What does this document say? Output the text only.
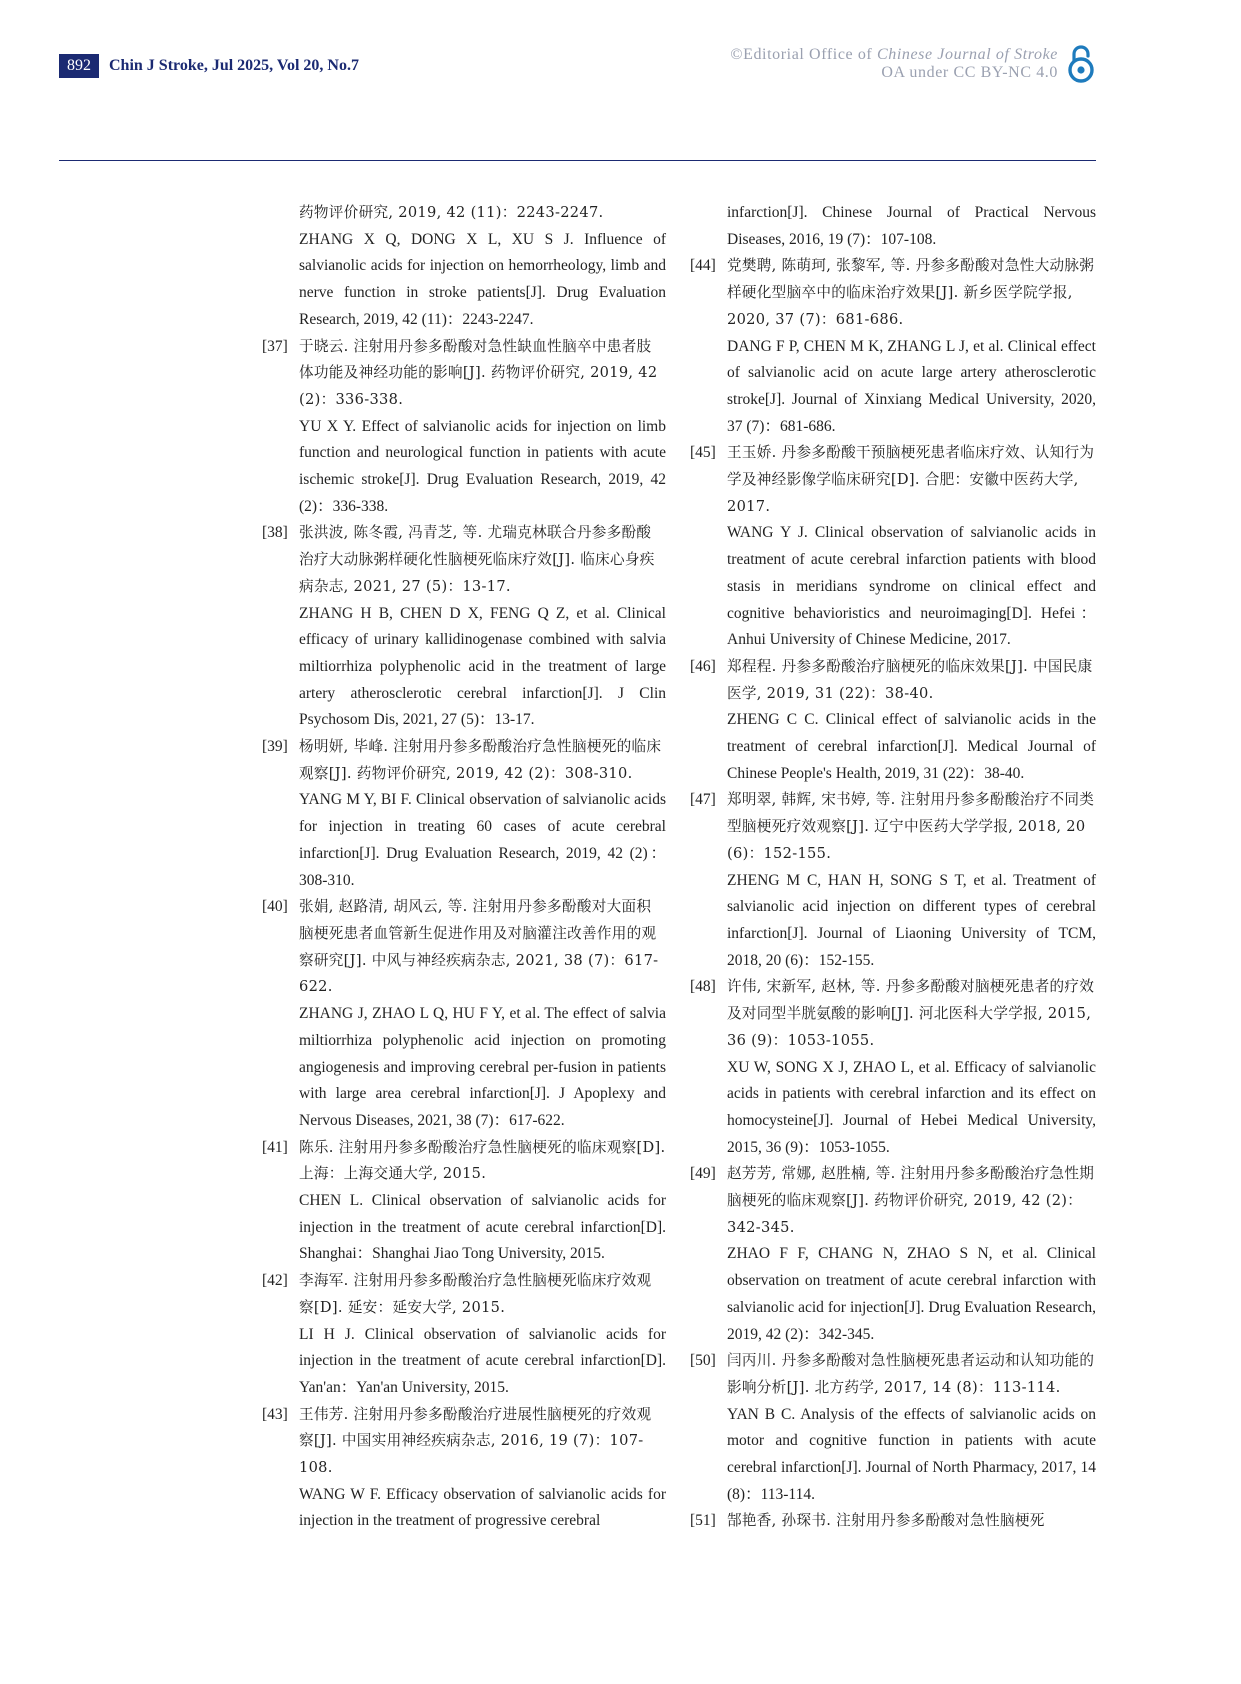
892	Chin J Stroke, Jul 2025, Vol 20, No.7
©Editorial Office of Chinese Journal of Stroke
OA under CC BY-NC 4.0
药物评价研究, 2019, 42 (11)：2243-2247.
ZHANG X Q, DONG X L, XU S J. Influence of salvianolic acids for injection on hemorrheology, limb and nerve function in stroke patients[J]. Drug Evaluation Research, 2019, 42 (11)：2243-2247.
[37] 于晓云. 注射用丹参多酚酸对急性缺血性脑卒中患者肢体功能及神经功能的影响[J]. 药物评价研究, 2019, 42 (2)：336-338.
YU X Y. Effect of salvianolic acids for injection on limb function and neurological function in patients with acute ischemic stroke[J]. Drug Evaluation Research, 2019, 42 (2)：336-338.
[38] 张洪波, 陈冬霞, 冯青芝, 等. 尤瑞克林联合丹参多酚酸治疗大动脉粥样硬化性脑梗死临床疗效[J]. 临床心身疾病杂志, 2021, 27 (5)：13-17.
ZHANG H B, CHEN D X, FENG Q Z, et al. Clinical efficacy of urinary kallidinogenase combined with salvia miltiorrhiza polyphenolic acid in the treatment of large artery atherosclerotic cerebral infarction[J]. J Clin Psychosom Dis, 2021, 27 (5)：13-17.
[39] 杨明妍, 毕峰. 注射用丹参多酚酸治疗急性脑梗死的临床观察[J]. 药物评价研究, 2019, 42 (2)：308-310.
YANG M Y, BI F. Clinical observation of salvianolic acids for injection in treating 60 cases of acute cerebral infarction[J]. Drug Evaluation Research, 2019, 42 (2)：308-310.
[40] 张娟, 赵路清, 胡风云, 等. 注射用丹参多酚酸对大面积脑梗死患者血管新生促进作用及对脑灌注改善作用的观察研究[J]. 中风与神经疾病杂志, 2021, 38 (7)：617-622.
ZHANG J, ZHAO L Q, HU F Y, et al. The effect of salvia miltiorrhiza polyphenolic acid injection on promoting angiogenesis and improving cerebral per-fusion in patients with large area cerebral infarction[J]. J Apoplexy and Nervous Diseases, 2021, 38 (7)：617-622.
[41] 陈乐. 注射用丹参多酚酸治疗急性脑梗死的临床观察[D]. 上海：上海交通大学, 2015.
CHEN L. Clinical observation of salvianolic acids for injection in the treatment of acute cerebral infarction[D]. Shanghai：Shanghai Jiao Tong University, 2015.
[42] 李海军. 注射用丹参多酚酸治疗急性脑梗死临床疗效观察[D]. 延安：延安大学, 2015.
LI H J. Clinical observation of salvianolic acids for injection in the treatment of acute cerebral infarction[D]. Yan'an：Yan'an University, 2015.
[43] 王伟芳. 注射用丹参多酚酸治疗进展性脑梗死的疗效观察[J]. 中国实用神经疾病杂志, 2016, 19 (7)：107-108.
WANG W F. Efficacy observation of salvianolic acids for injection in the treatment of progressive cerebral
infarction[J]. Chinese Journal of Practical Nervous Diseases, 2016, 19 (7)：107-108.
[44] 党樊聘, 陈萌珂, 张黎军, 等. 丹参多酚酸对急性大动脉粥样硬化型脑卒中的临床治疗效果[J]. 新乡医学院学报, 2020, 37 (7)：681-686.
DANG F P, CHEN M K, ZHANG L J, et al. Clinical effect of salvianolic acid on acute large artery atherosclerotic stroke[J]. Journal of Xinxiang Medical University, 2020, 37 (7)：681-686.
[45] 王玉娇. 丹参多酚酸干预脑梗死患者临床疗效、认知行为学及神经影像学临床研究[D]. 合肥：安徽中医药大学, 2017.
WANG Y J. Clinical observation of salvianolic acids in treatment of acute cerebral infarction patients with blood stasis in meridians syndrome on clinical effect and cognitive behavioristics and neuroimaging[D]. Hefei：Anhui University of Chinese Medicine, 2017.
[46] 郑程程. 丹参多酚酸治疗脑梗死的临床效果[J]. 中国民康医学, 2019, 31 (22)：38-40.
ZHENG C C. Clinical effect of salvianolic acids in the treatment of cerebral infarction[J]. Medical Journal of Chinese People's Health, 2019, 31 (22)：38-40.
[47] 郑明翠, 韩辉, 宋书婷, 等. 注射用丹参多酚酸治疗不同类型脑梗死疗效观察[J]. 辽宁中医药大学学报, 2018, 20 (6)：152-155.
ZHENG M C, HAN H, SONG S T, et al. Treatment of salvianolic acid injection on different types of cerebral infarction[J]. Journal of Liaoning University of TCM, 2018, 20 (6)：152-155.
[48] 许伟, 宋新军, 赵林, 等. 丹参多酚酸对脑梗死患者的疗效及对同型半胱氨酸的影响[J]. 河北医科大学学报, 2015, 36 (9)：1053-1055.
XU W, SONG X J, ZHAO L, et al. Efficacy of salvianolic acids in patients with cerebral infarction and its effect on homocysteine[J]. Journal of Hebei Medical University, 2015, 36 (9)：1053-1055.
[49] 赵芳芳, 常娜, 赵胜楠, 等. 注射用丹参多酚酸治疗急性期脑梗死的临床观察[J]. 药物评价研究, 2019, 42 (2)：342-345.
ZHAO F F, CHANG N, ZHAO S N, et al. Clinical observation on treatment of acute cerebral infarction with salvianolic acid for injection[J]. Drug Evaluation Research, 2019, 42 (2)：342-345.
[50] 闫丙川. 丹参多酚酸对急性脑梗死患者运动和认知功能的影响分析[J]. 北方药学, 2017, 14 (8)：113-114.
YAN B C. Analysis of the effects of salvianolic acids on motor and cognitive function in patients with acute cerebral infarction[J]. Journal of North Pharmacy, 2017, 14 (8)：113-114.
[51] 郜艳香, 孙琛书. 注射用丹参多酚酸对急性脑梗死
